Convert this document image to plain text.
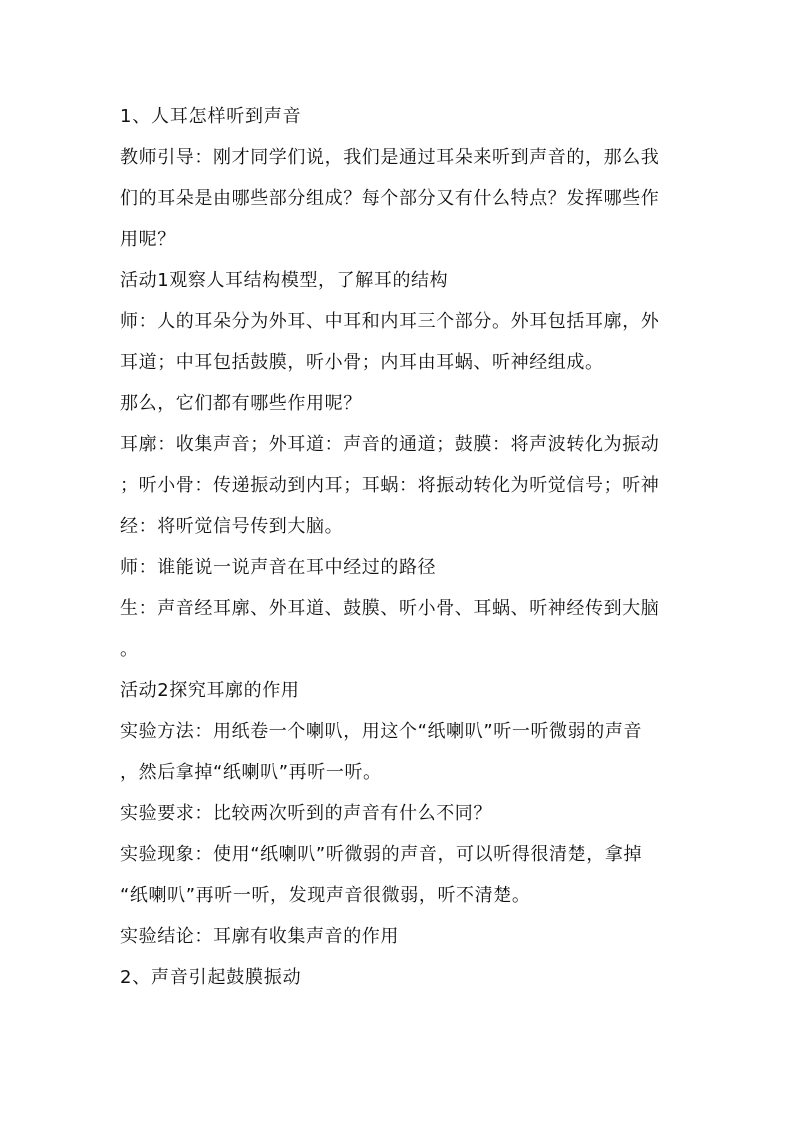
1、人耳怎样听到声音
教师引导：刚才同学们说，我们是通过耳朵来听到声音的，那么我
们的耳朵是由哪些部分组成？每个部分又有什么特点？发挥哪些作
用呢？
活动1观察人耳结构模型，了解耳的结构
师：人的耳朵分为外耳、中耳和内耳三个部分。外耳包括耳廓，外
耳道；中耳包括鼓膜，听小骨；内耳由耳蜗、听神经组成。
那么，它们都有哪些作用呢？
耳廓：收集声音；外耳道：声音的通道；鼓膜：将声波转化为振动
；听小骨：传递振动到内耳；耳蜗：将振动转化为听觉信号；听神
经：将听觉信号传到大脑。
师：谁能说一说声音在耳中经过的路径
生：声音经耳廓、外耳道、鼓膜、听小骨、耳蜗、听神经传到大脑
。
活动2探究耳廓的作用
实验方法：用纸卷一个喇叭，用这个“纸喇叭”听一听微弱的声音
，然后拿掉“纸喇叭”再听一听。
实验要求：比较两次听到的声音有什么不同？
实验现象：使用“纸喇叭”听微弱的声音，可以听得很清楚，拿掉
“纸喇叭”再听一听，发现声音很微弱，听不清楚。
实验结论：耳廓有收集声音的作用
2、声音引起鼓膜振动
